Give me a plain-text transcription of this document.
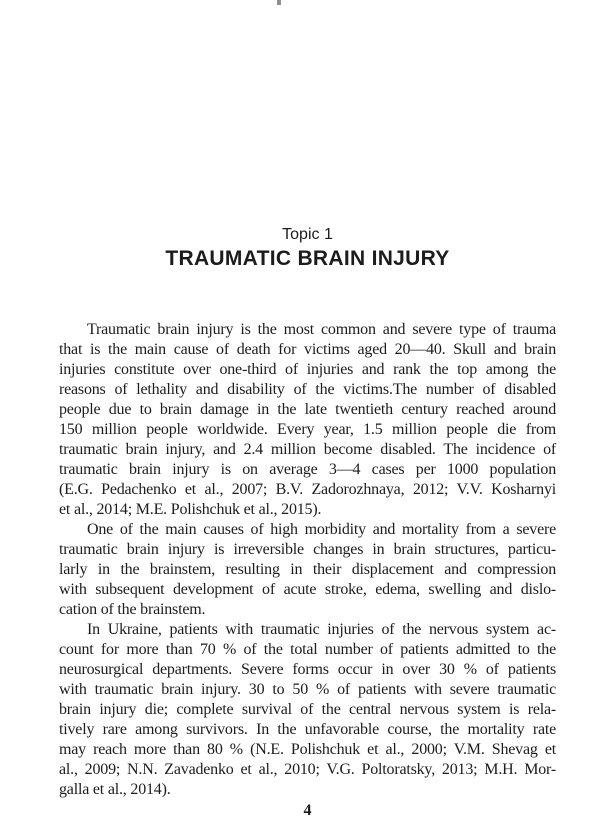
Topic 1
TRAUMATIC BRAIN INJURY
Traumatic brain injury is the most common and severe type of trauma
that is the main cause of death for victims aged 20—40. Skull and brain
injuries constitute over one-third of injuries and rank the top among the
reasons of lethality and disability of the victims.The number of disabled
people due to brain damage in the late twentieth century reached around
150 million people worldwide. Every year, 1.5 million people die from
traumatic brain injury, and 2.4 million become disabled. The incidence of
traumatic brain injury is on average 3—4 cases per 1000 population
(E.G. Pedachenko et al., 2007; B.V. Zadorozhnaya, 2012; V.V. Kosharnyi
et al., 2014; M.E. Polishchuk et al., 2015).
One of the main causes of high morbidity and mortality from a severe
traumatic brain injury is irreversible changes in brain structures, particu-
larly in the brainstem, resulting in their displacement and compression
with subsequent development of acute stroke, edema, swelling and dislo-
cation of the brainstem.
In Ukraine, patients with traumatic injuries of the nervous system ac-
count for more than 70 % of the total number of patients admitted to the
neurosurgical departments. Severe forms occur in over 30 % of patients
with traumatic brain injury. 30 to 50 % of patients with severe traumatic
brain injury die; complete survival of the central nervous system is rela-
tively rare among survivors. In the unfavorable course, the mortality rate
may reach more than 80 % (N.E. Polishchuk et al., 2000; V.M. Shevag et
al., 2009; N.N. Zavadenko et al., 2010; V.G. Poltoratsky, 2013; M.H. Mor-
galla et al., 2014).
4
